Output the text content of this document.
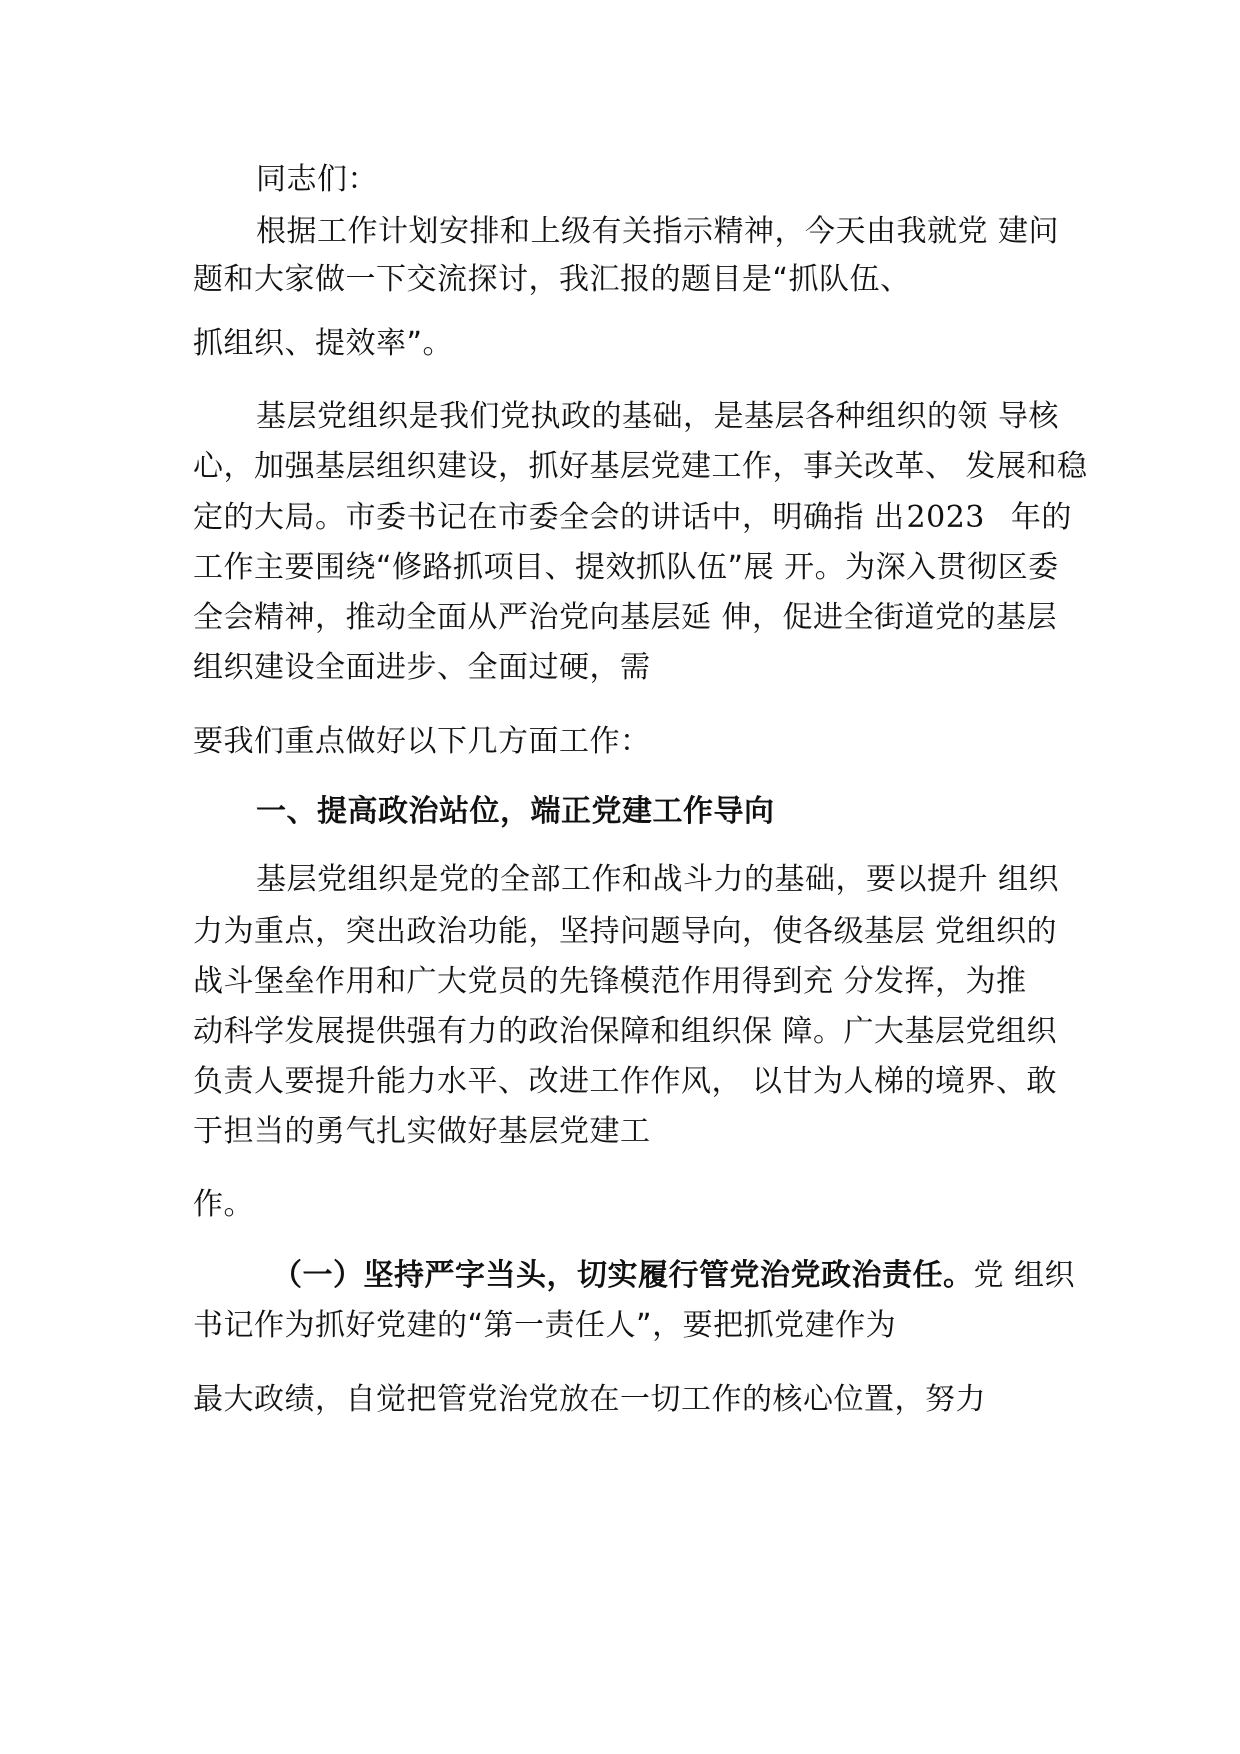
同志们：
根据工作计划安排和上级有关指示精神，今天由我就党 建问
题和大家做一下交流探讨，我汇报的题目是“抓队伍、
抓组织、提效率”。
基层党组织是我们党执政的基础，是基层各种组织的领 导核
心，加强基层组织建设，抓好基层党建工作，事关改革、 发展和稳
定的大局。市委书记在市委全会的讲话中，明确指 出2023 年的
工作主要围绕“修路抓项目、提效抓队伍”展 开。为深入贯彻区委
全会精神，推动全面从严治党向基层延 伸，促进全街道党的基层
组织建设全面进步、全面过硬，需
要我们重点做好以下几方面工作：
一、提高政治站位，端正党建工作导向
基层党组织是党的全部工作和战斗力的基础，要以提升 组织
力为重点，突出政治功能，坚持问题导向，使各级基层 党组织的
战斗堡垒作用和广大党员的先锋模范作用得到充 分发挥，为推
动科学发展提供强有力的政治保障和组织保 障。广大基层党组织
负责人要提升能力水平、改进工作作风， 以甘为人梯的境界、敢
于担当的勇气扎实做好基层党建工
作。
（一）坚持严字当头，切实履行管党治党政治责任。党 组织
书记作为抓好党建的“第一责任人”，要把抓党建作为
最大政绩，自觉把管党治党放在一切工作的核心位置，努力
